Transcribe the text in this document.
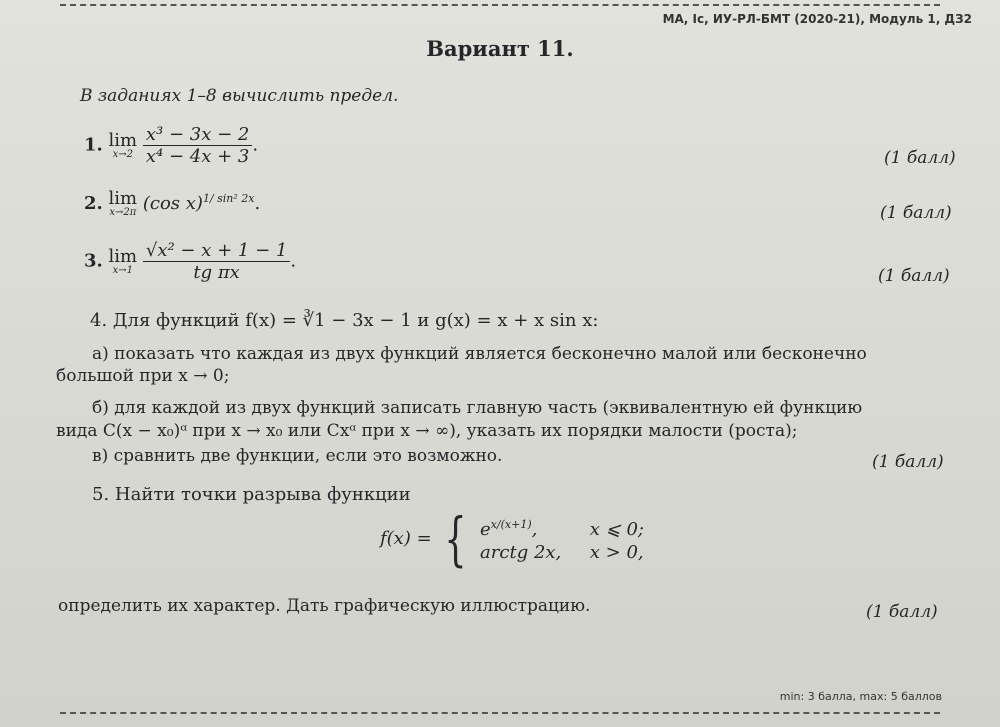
МА, Ic, ИУ-РЛ-БМТ (2020-21), Модуль 1, ДЗ2
Вариант 11.
В заданиях 1–8 вычислить предел.
1. lim
x→2
$\frac{\text{x³ − 3x − 2}}{\text{x⁴ − 4x + 3}}$ .
(1 балл)
2. lim
x→2π (cos x)$^{1/ sin^2 2x}$.	(1 балл)
3. lim
x→1
$\frac{\text{√x² − x + 1 − 1}}{\text{tg πx}}$ .
(1 балл)
4. Для функций f(x) = ∛1 − 3x − 1 и g(x) = x + x sin x:
а) показать что каждая из двух функций является бесконечно малой или бесконечно
большой при x → 0;
б) для каждой из двух функций записать главную часть (эквивалентную ей функцию
вида C(x − x₀)ᵅ при x → x₀ или Cxᵅ при x → ∞), указать их порядки малости (роста);
в) сравнить две функции, если это возможно.	(1 балл)
5. Найти точки разрыва функции
f(x) = { $e^{x/(x+1)}$,	x ⩽ 0;
arctg 2x, x > 0,
определить их характер. Дать графическую иллюстрацию.	(1 балл)
min: 3 балла, max: 5 баллов
